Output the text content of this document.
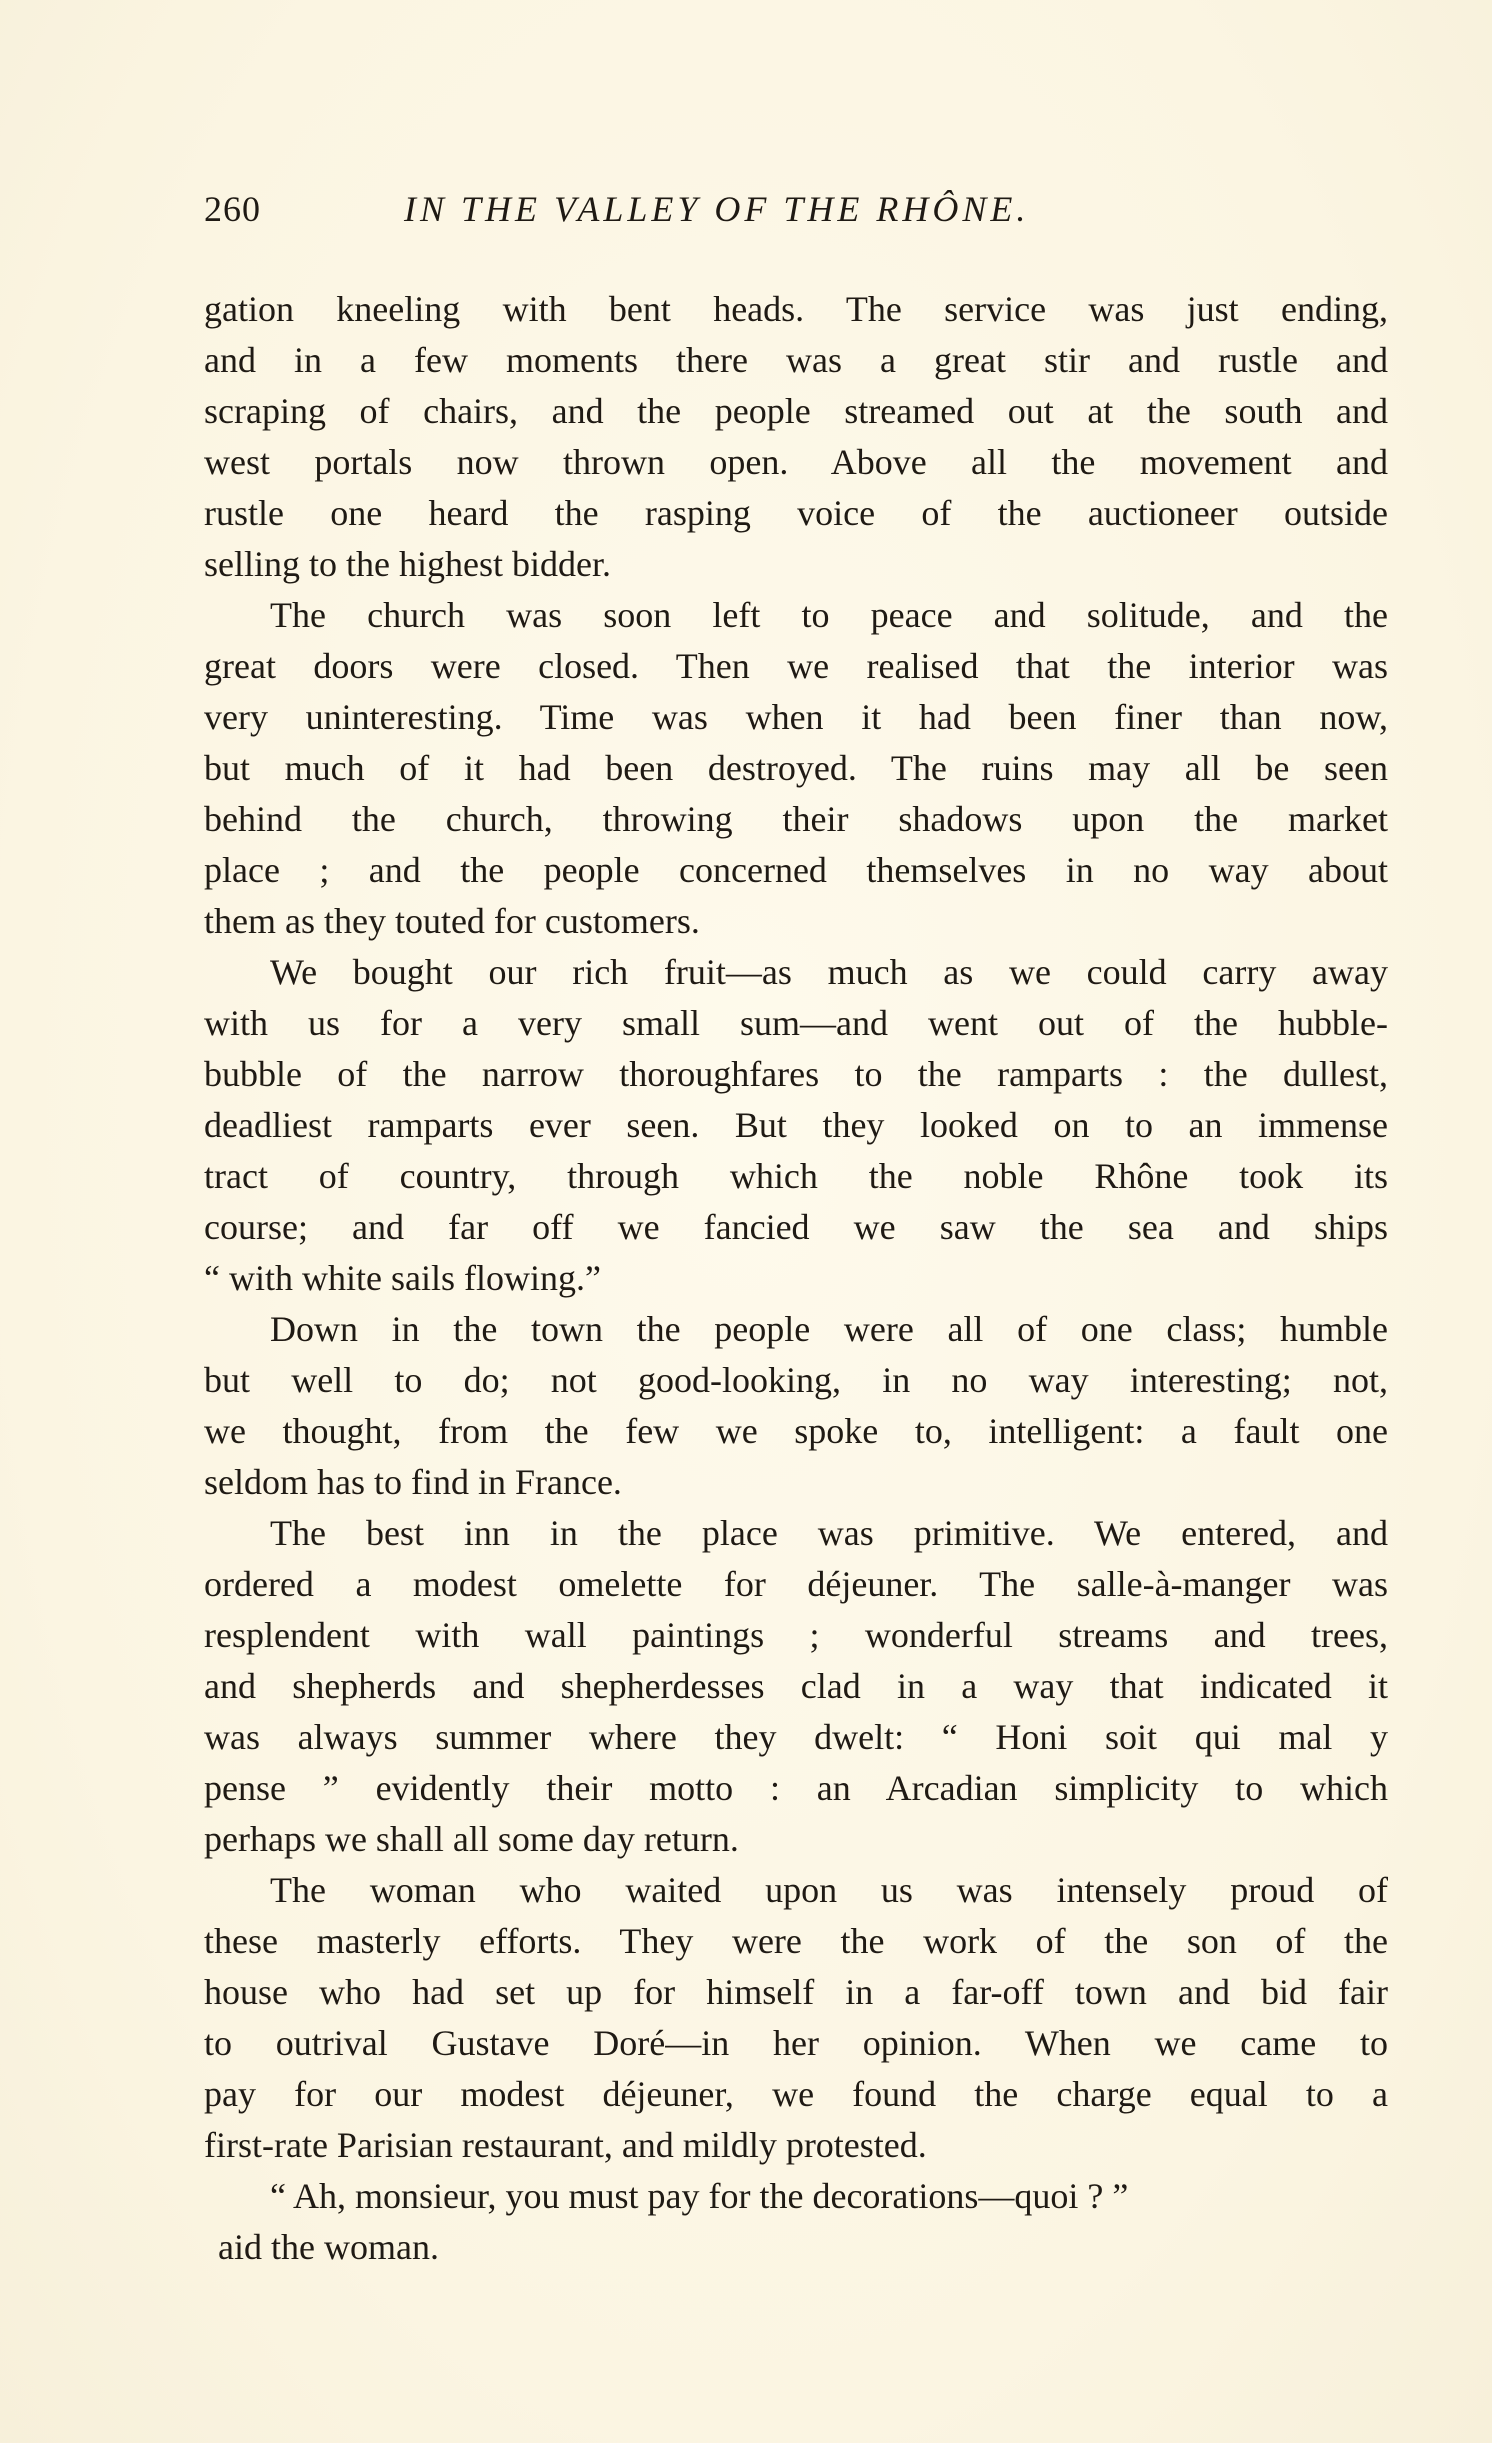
260	IN THE VALLEY OF THE RHÔNE.
gation kneeling with bent heads. The service was just ending,
and in a few moments there was a great stir and rustle and
scraping of chairs, and the people streamed out at the south and
west portals now thrown open. Above all the movement and
rustle one heard the rasping voice of the auctioneer outside
selling to the highest bidder.
The church was soon left to peace and solitude, and the
great doors were closed. Then we realised that the interior was
very uninteresting. Time was when it had been finer than now,
but much of it had been destroyed. The ruins may all be seen
behind the church, throwing their shadows upon the market
place ; and the people concerned themselves in no way about
them as they touted for customers.
We bought our rich fruit—as much as we could carry away
with us for a very small sum—and went out of the hubble-
bubble of the narrow thoroughfares to the ramparts : the dullest,
deadliest ramparts ever seen. But they looked on to an immense
tract of country, through which the noble Rhône took its
course; and far off we fancied we saw the sea and ships
“ with white sails flowing.”
Down in the town the people were all of one class; humble
but well to do; not good-looking, in no way interesting; not,
we thought, from the few we spoke to, intelligent: a fault one
seldom has to find in France.
The best inn in the place was primitive. We entered, and
ordered a modest omelette for déjeuner. The salle-à-manger was
resplendent with wall paintings ; wonderful streams and trees,
and shepherds and shepherdesses clad in a way that indicated it
was always summer where they dwelt: “ Honi soit qui mal y
pense ” evidently their motto : an Arcadian simplicity to which
perhaps we shall all some day return.
The woman who waited upon us was intensely proud of
these masterly efforts. They were the work of the son of the
house who had set up for himself in a far-off town and bid fair
to outrival Gustave Doré—in her opinion. When we came to
pay for our modest déjeuner, we found the charge equal to a
first-rate Parisian restaurant, and mildly protested.
“ Ah, monsieur, you must pay for the decorations—quoi ? ”
aid the woman.
